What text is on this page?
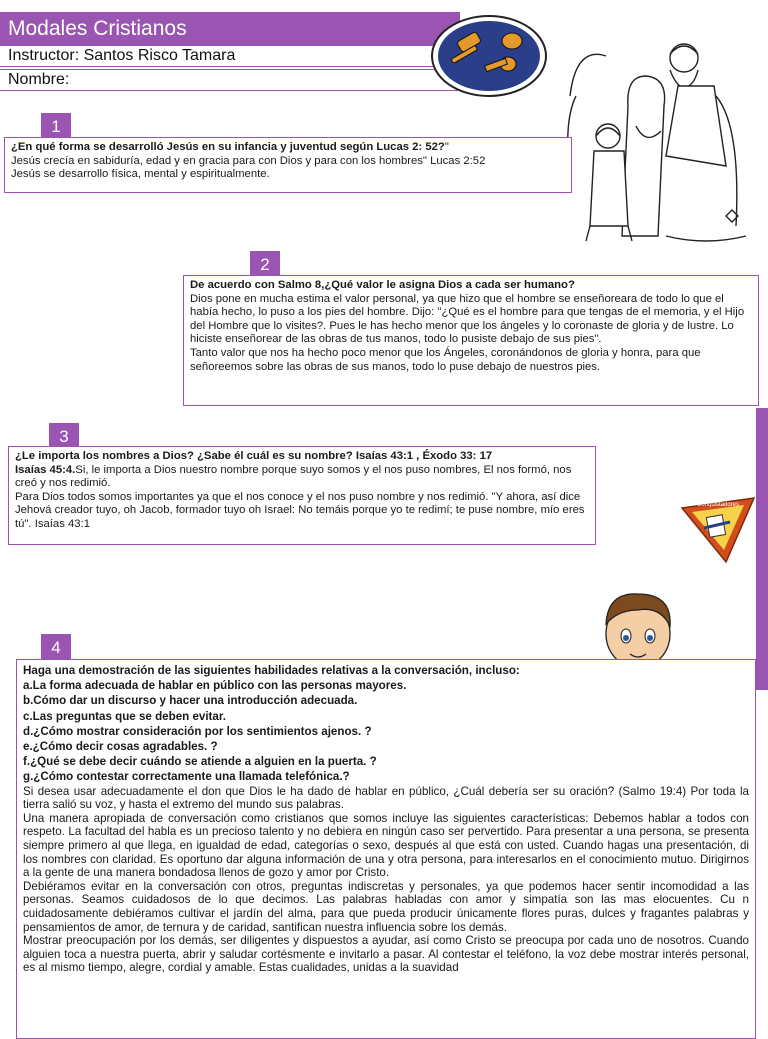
Modales Cristianos
Instructor: Santos Risco Tamara
Nombre:
Conquistadores
1

¿En qué forma se desarrolló Jesús en su infancia y juventud según Lucas 2: 52?"

Jesús crecía en sabiduría, edad y en gracia para con Dios y para con los hombres" Lucas 2:52

Jesús se desarrollo física, mental y espiritualmente.

2

De acuerdo con Salmo 8,¿Qué valor le asigna Dios a cada ser humano?

Dios pone en mucha estima el valor personal, ya que hizo que el hombre se enseñoreara de todo lo que el había hecho, lo puso a los pies del hombre. Dijo: "¿Qué es el hombre para que tengas de el memoria, y el Hijo del Hombre que lo visites?. Pues le has hecho menor que los ángeles y lo coronaste de gloria y de lustre. Lo hiciste enseñorear de las obras de tus manos, todo lo pusiste debajo de sus pies".

Tanto valor que nos ha hecho poco menor que los Ángeles, coronándonos de gloria y honra, para que señoreemos sobre las obras de sus manos, todo lo puse debajo de nuestros pies.

3

¿Le importa los nombres a Dios? ¿Sabe él cuál es su nombre? Isaías 43:1 , Éxodo 33: 17

Isaías 45:4.Si, le importa a Dios nuestro nombre porque suyo somos y el nos puso nombres, El nos formó, nos creó y nos redimió.

Para Dios todos somos importantes ya que el nos conoce y el nos puso nombre y nos redimió. "Y ahora, así dice Jehová creador tuyo, oh Jacob, formador tuyo oh Israel: No temáis porque yo te redimí; te puse nombre, mío eres tú". Isaías 43:1

4

Haga una demostración de las siguientes habilidades relativas a la conversación, incluso:

a.La forma adecuada de hablar en público con las personas mayores.

b.Cómo dar un discurso y hacer una introducción adecuada.

c.Las preguntas que se deben evitar.

d.¿Cómo mostrar consideración por los sentimientos ajenos. ?

e.¿Cómo decir cosas agradables. ?

f.¿Qué se debe decir cuándo se atiende a alguien en la puerta. ?

g.¿Cómo contestar correctamente una llamada telefónica.?

Si desea usar adecuadamente el don que Dios le ha dado de hablar en público, ¿Cuál debería ser su oración? (Salmo 19:4) Por toda la tierra salió su voz, y hasta el extremo del mundo sus palabras.

Una manera apropiada de conversación como cristianos que somos incluye las siguientes características: Debemos hablar a todos con respeto. La facultad del habla es un precioso talento y no debiera en ningún caso ser pervertido. Para presentar a una persona, se presenta siempre primero al que llega, en igualdad de edad, categorías o sexo, después al que está con usted. Cuando hagas una presentación, di los nombres con claridad. Es oportuno dar alguna información de una y otra persona, para interesarlos en el conocimiento mutuo. Dirigirnos a la gente de una manera bondadosa llenos de gozo y amor por Cristo.

Debiéramos evitar en la conversación con otros, preguntas indiscretas y personales, ya que podemos hacer sentir incomodidad a las personas. Seamos cuidadosos de lo que decimos. Las palabras habladas con amor y simpatía son las mas elocuentes. Cu n cuidadosamente debiéramos cultivar el jardín del alma, para que pueda producir únicamente flores puras, dulces y fragantes palabras y pensamientos de amor, de ternura y de caridad, santifican nuestra influencia sobre los demás.

Mostrar preocupación por los demás, ser diligentes y dispuestos a ayudar, así como Cristo se preocupa por cada uno de nosotros. Cuando alguien toca a nuestra puerta, abrir y saludar cortésmente e invitarlo a pasar. Al contestar el teléfono, la voz debe mostrar interés personal, es al mismo tiempo, alegre, cordial y amable. Estas cualidades, unidas a la suavidad
